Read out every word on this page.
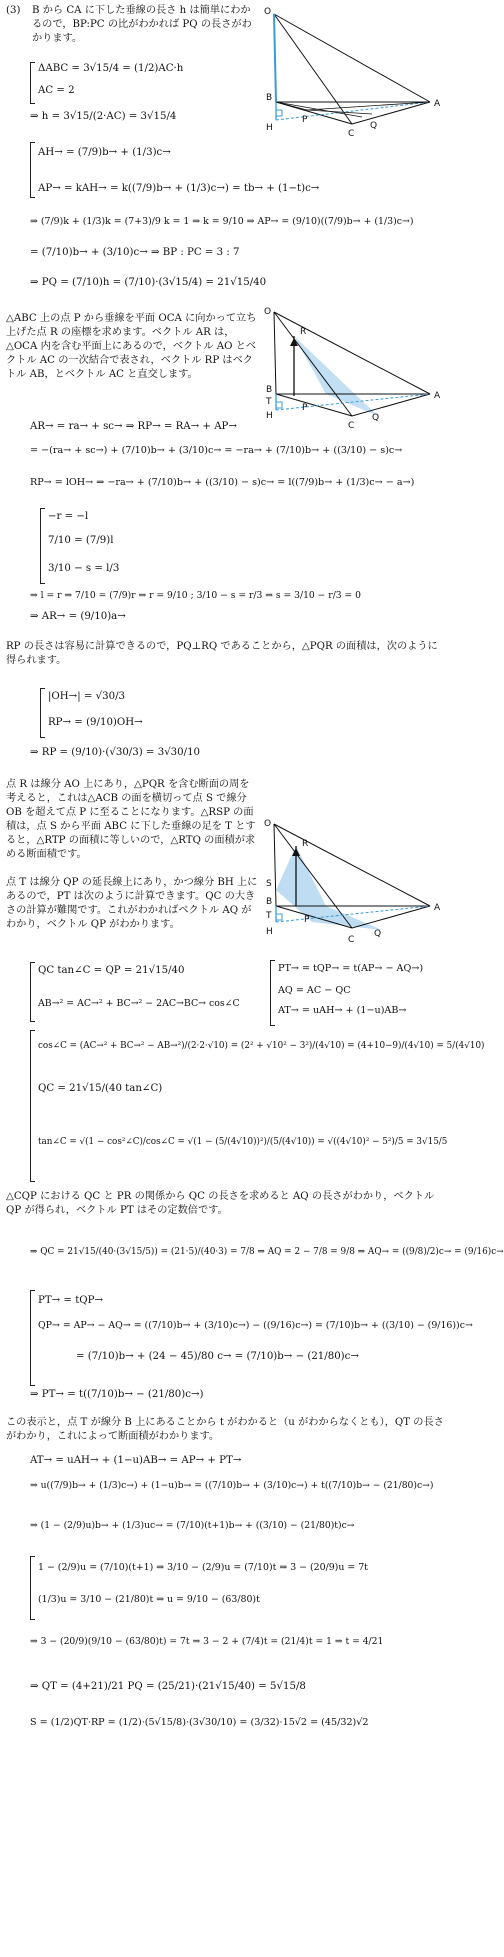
(3) B から CA に下した垂線の長さ h は簡単にわかるので，BP:PC の比がわかれば PQ の長さがわかります。
O
A
B
C
H
P
Q
ΔABC = 3√15/4 = (1/2)AC·h
AC = 2
⇒ h = 3√15/(2·AC) = 3√15/4
AH→ = (7/9)b→ + (1/3)c→
AP→ = kAH→ = k((7/9)b→ + (1/3)c→) = tb→ + (1−t)c→
⇒ (7/9)k + (1/3)k = (7+3)/9 k = 1 ⇒ k = 9/10 ⇒ AP→ = (9/10)((7/9)b→ + (1/3)c→)
= (7/10)b→ + (3/10)c→ ⇒ BP : PC = 3 : 7
⇒ PQ = (7/10)h = (7/10)·(3√15/4) = 21√15/40
△ABC 上の点 P から垂線を平面 OCA に向かって立ち上げた点 R の座標を求めます。ベクトル AR は，△OCA 内を含む平面上にあるので，ベクトル AO とベクトル AC の一次結合で表され，ベクトル RP はベクトル AB，とベクトル AC と直交します。
O
R
A
B
C
H
T
P
Q
AR→ = ra→ + sc→ ⇒ RP→ = RA→ + AP→
= −(ra→ + sc→) + (7/10)b→ + (3/10)c→ = −ra→ + (7/10)b→ + ((3/10) − s)c→
RP→ = lOH→ ⇒ −ra→ + (7/10)b→ + ((3/10) − s)c→ = l((7/9)b→ + (1/3)c→ − a→)
−r = −l
7/10 = (7/9)l
3/10 − s = l/3
⇒ l = r ⇒ 7/10 = (7/9)r ⇒ r = 9/10 ; 3/10 − s = r/3 ⇒ s = 3/10 − r/3 = 0
⇒ AR→ = (9/10)a→
RP の長さは容易に計算できるので，PQ⊥RQ であることから，△PQR の面積は，次のように得られます。
|OH→| = √30/3
RP→ = (9/10)OH→
⇒ RP = (9/10)·(√30/3) = 3√30/10
点 R は線分 AO 上にあり，△PQR を含む断面の周を考えると，これは△ACB の面を横切って点 S で線分 OB を超えて点 P に至ることになります。△RSP の面積は，点 S から平面 ABC に下した垂線の足を T とすると，△RTP の面積に等しいので，△RTQ の面積が求める断面積です。
O
R
S
A
B
C
H
T	P
Q
点 T は線分 QP の延長線上にあり，かつ線分 BH 上にあるので，PT は次のように計算できます。QC の大きさの計算が難関です。これがわかればベクトル AQ がわかり，ベクトル QP がわかります。
QC tan∠C = QP = 21√15/40
AB→² = AC→² + BC→² − 2AC→BC→ cos∠C
PT→ = tQP→ = t(AP→ − AQ→)
AQ = AC − QC
AT→ = uAH→ + (1−u)AB→
cos∠C = (AC→² + BC→² − AB→²)/(2·2·√10) = (2² + √10² − 3²)/(4√10) = (4+10−9)/(4√10) = 5/(4√10)
QC = 21√15/(40 tan∠C)
tan∠C = √(1 − cos²∠C)/cos∠C = √(1 − (5/(4√10))²)/(5/(4√10)) = √((4√10)² − 5²)/5 = 3√15/5
△CQP における QC と PR の関係から QC の長さを求めると AQ の長さがわかり，ベクトル QP が得られ，ベクトル PT はその定数倍です。
⇒ QC = 21√15/(40·(3√15/5)) = (21·5)/(40·3) = 7/8 ⇒ AQ = 2 − 7/8 = 9/8 ⇒ AQ→ = ((9/8)/2)c→ = (9/16)c→
PT→ = tQP→
QP→ = AP→ − AQ→ = ((7/10)b→ + (3/10)c→) − ((9/16)c→) = (7/10)b→ + ((3/10) − (9/16))c→
= (7/10)b→ + (24 − 45)/80 c→ = (7/10)b→ − (21/80)c→
⇒ PT→ = t((7/10)b→ − (21/80)c→)
この表示と，点 T が線分 B 上にあることから t がわかると（u がわからなくとも），QT の長さがわかり，これによって断面積がわかります。
AT→ = uAH→ + (1−u)AB→ = AP→ + PT→
⇒ u((7/9)b→ + (1/3)c→) + (1−u)b→ = ((7/10)b→ + (3/10)c→) + t((7/10)b→ − (21/80)c→)
⇒ (1 − (2/9)u)b→ + (1/3)uc→ = (7/10)(t+1)b→ + ((3/10) − (21/80)t)c→
1 − (2/9)u = (7/10)(t+1) ⇒ 3/10 − (2/9)u = (7/10)t ⇒ 3 − (20/9)u = 7t
(1/3)u = 3/10 − (21/80)t ⇒ u = 9/10 − (63/80)t
⇒ 3 − (20/9)(9/10 − (63/80)t) = 7t ⇒ 3 − 2 + (7/4)t = (21/4)t = 1 ⇒ t = 4/21
⇒ QT = (4+21)/21 PQ = (25/21)·(21√15/40) = 5√15/8
S = (1/2)QT·RP = (1/2)·(5√15/8)·(3√30/10) = (3/32)·15√2 = (45/32)√2
